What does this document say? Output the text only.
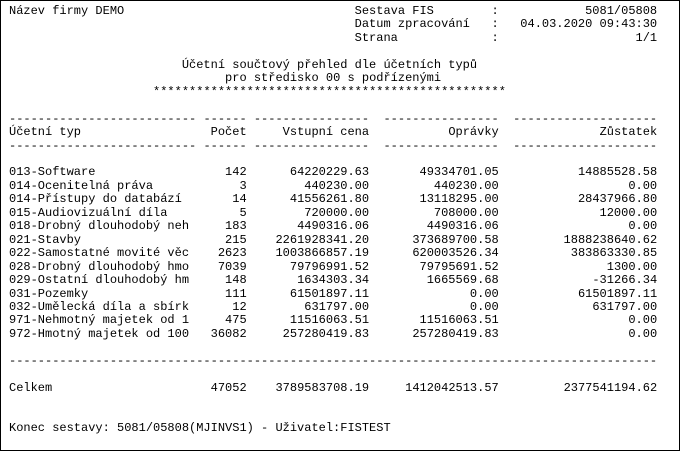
Název firmy DEMO	Sestava FIS	:	5081/05808
Datum zpracování : 04.03.2020 09:43:30
Strana	:	1/1

Účetní součtový přehled dle účetních typů
pro středisko 00 s podřízenými
*************************************************

-------------------------- ------ ---------------- ---------------- --------------------
Účetní typ	Počet	Vstupní cena	Oprávky	Zůstatek
-------------------------- ------ ---------------- ---------------- --------------------

013-Software	142	64220229.63	49334701.05	14885528.58
014-Ocenitelná práva	3	440230.00	440230.00	0.00
014-Přístupy do databází	14	41556261.80	13118295.00	28437966.80
015-Audiovizuální díla	5	720000.00	708000.00	12000.00
018-Drobný dlouhodobý neh	183	4490316.06	4490316.06	0.00
021-Stavby	215 2261928341.20	373689700.58	1888238640.62
022-Samostatné movité věc 2623 1003866857.19	620003526.34	383863330.85
028-Drobný dlouhodobý hmo 7039	79796991.52	79795691.52	1300.00
029-Ostatní dlouhodobý hm	148	1634303.34	1665569.68	-31266.34
031-Pozemky	111	61501897.11	0.00	61501897.11
032-Umělecká díla a sbírk	12	631797.00	0.00	631797.00
971-Nehmotný majetek od 1	475	11516063.51	11516063.51	0.00
972-Hmotný majetek od 100 36082	257280419.83	257280419.83	0.00

------------------------------------------------------------------------------------------

Celkem	47052 3789583708.19	1412042513.57	2377541194.62

Konec sestavy: 5081/05808(MJINVS1) - Uživatel:FISTEST
